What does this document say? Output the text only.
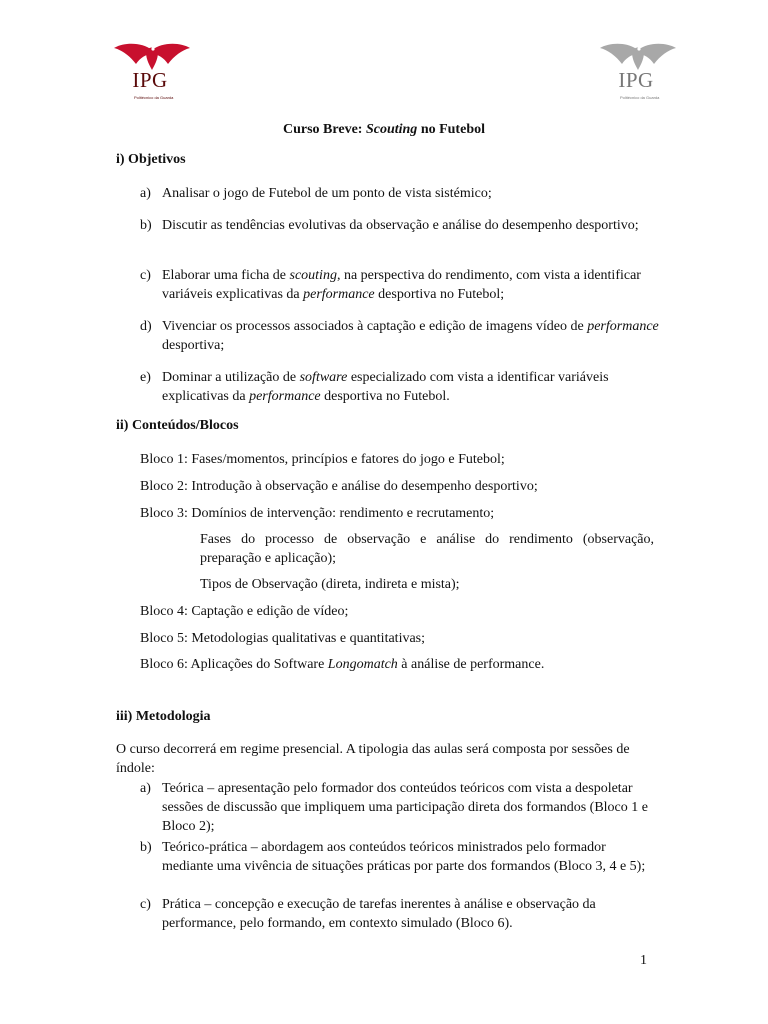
IPG
Politécnico da Guarda
IPG
Politécnico da Guarda
Curso Breve: Scouting no Futebol
i) Objetivos
a) Analisar o jogo de Futebol de um ponto de vista sistémico;
b) Discutir as tendências evolutivas da observação e análise do desempenho desportivo;
c) Elaborar uma ficha de scouting, na perspectiva do rendimento, com vista a identificar variáveis explicativas da performance desportiva no Futebol;
d) Vivenciar os processos associados à captação e edição de imagens vídeo de performance desportiva;
e) Dominar a utilização de software especializado com vista a identificar variáveis explicativas da performance desportiva no Futebol.
ii) Conteúdos/Blocos
Bloco 1: Fases/momentos, princípios e fatores do jogo e Futebol;
Bloco 2: Introdução à observação e análise do desempenho desportivo;
Bloco 3: Domínios de intervenção: rendimento e recrutamento;
Fases do processo de observação e análise do rendimento (observação, preparação e aplicação);
Tipos de Observação (direta, indireta e mista);
Bloco 4: Captação e edição de vídeo;
Bloco 5: Metodologias qualitativas e quantitativas;
Bloco 6: Aplicações do Software Longomatch à análise de performance.
iii) Metodologia
O curso decorrerá em regime presencial. A tipologia das aulas será composta por sessões de índole:
a) Teórica – apresentação pelo formador dos conteúdos teóricos com vista a despoletar sessões de discussão que impliquem uma participação direta dos formandos (Bloco 1 e Bloco 2);
b) Teórico-prática – abordagem aos conteúdos teóricos ministrados pelo formador mediante uma vivência de situações práticas por parte dos formandos (Bloco 3, 4 e 5);
c) Prática – concepção e execução de tarefas inerentes à análise e observação da performance, pelo formando, em contexto simulado (Bloco 6).
1
